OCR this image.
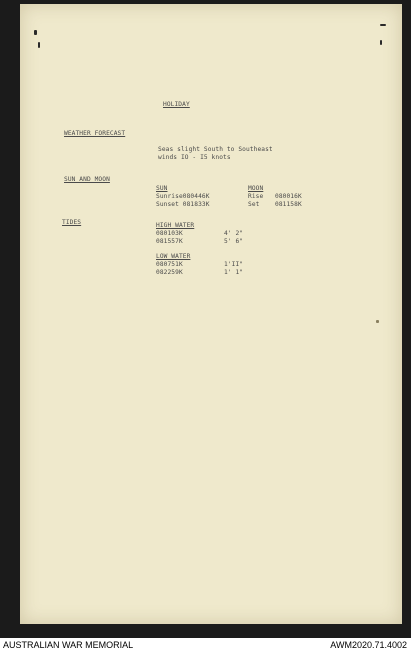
HOLIDAY
WEATHER FORECAST
Seas slight South to Southeast
winds IO - I5 knots
SUN AND MOON
SUN
Sunrise080446K
Sunset 081833K
MOON
Rise 080016K
Set	081158K
TIDES	HIGH WATER
080103K	4' 2"
081557K	5' 6"
LOW WATER
080751K	1'II"
082259K	1' 1"
AUSTRALIAN WAR MEMORIAL	AWM2020.71.4002
